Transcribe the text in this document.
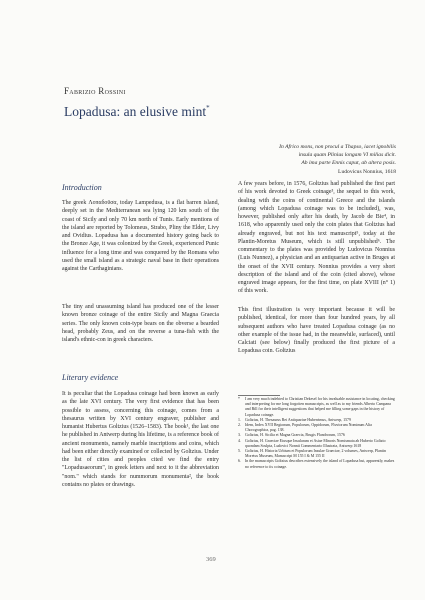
Fabrizio Rossini
Lopadusa: an elusive mint*
In Africo mons, non procul a Thapso, iacet ignobilis
insula quam Plinius longam VI milias dicit.
Ab ima parte Ennis caput, ab altera posis.
Ludovicus Nonnius, 1618
Introduction

The greek Λοπαδοῦσα, today Lampedusa, is a flat barren island, deeply set in the Mediterranean sea lying 120 km south of the coast of Sicily and only 70 km north of Tunis. Early mentions of the island are reported by Tolomeus, Strabo, Pliny the Elder, Livy and Ovidius. Lopadusa has a documented history going back to the Bronze Age, it was colonized by the Greek, experienced Punic influence for a long time and was conquered by the Romans who used the small island as a strategic naval base in their operations against the Carthaginians.

The tiny and unassuming island has produced one of the lesser known bronze coinage of the entire Sicily and Magna Graecia series. The only known coin-type bears on the obverse a bearded head, probably Zeus, and on the reverse a tuna-fish with the island's ethnic-con in greek characters.

Literary evidence

It is peculiar that the Lopadusa coinage had been known as early as the late XVI century. The very first evidence that has been possible to assess, concerning this coinage, comes from a thesaurus written by XVI century engraver, publisher and humanist Hubertus Goltzius (1526–1583). The book¹, the last one he published in Antwerp during his lifetime, is a reference book of ancient monuments, namely marble inscriptions and coins, which had been either directly examined or collected by Goltzius. Under the list of cities and peoples cited we find the entry "Lopadusaeorum", in greek letters and next to it the abbreviation "nom." which stands for nummorum monumenta², the book contains no plates or drawings.

A few years before, in 1576, Goltzius had published the first part of his work devoted to Greek coinage³, the sequel to this work, dealing with the coins of continental Greece and the islands (among which Lopadusa coinage was to be included), was, however, published only after his death, by Jacob de Bie⁴, in 1618, who apparently used only the coin plates that Goltzius had already engraved, but not his text manuscript⁵, today at the Plantin-Moretus Museum, which is still unpublished⁶. The commentary to the plates was provided by Ludovicus Nonnius (Luis Nunnez), a physician and an antiquarian active in Bruges at the onset of the XVII century. Nonnius provides a very short description of the island and of the coin (cited above), whose engraved image appears, for the first time, on plate XVIII (n° 1) of this work.

This first illustration is very important because it will be published, identical, for more than four hundred years, by all subsequent authors who have treated Lopadusa coinage (as no other example of the issue had, in the meanwhile, surfaced), until Calciati (see below) finally produced the first picture of a Lopadusa coin. Goltzius

*	I am very much indebted to Christian Dekesel for his invaluable assistance in locating, checking and interpreting for me long forgotten manuscripts, as well as to my friends Alberto Campana and Bill for their intelligent suggestions that helped me filling some gaps in the history of Lopadusa coinage.
1.	Goltzius, H. Thesaurus Rei Antiquariae Huberrimus, Antwerp, 1579
2.	Idem, Index XVII Regionum, Populorum, Oppidorum, Fluviorum Nominum Alia Chorographica, pag. 138.
3.	Goltzius, H. Sicilia et Magna Graecia, Brugis Flandrorum, 1576
4.	Goltzius, H. Graeciae Eiusque Insularum et Asiae Minoris Nomismata ab Huberto Goltzio quondam Sculpta, Ludovici Nonnii Commentario Illustrata, Antwerp 1618
5.	Goltzius, H. Historia Urbium et Populorum Insulae Graeciae, 2 volumes, Antwerp, Plantin Moretus Museum, Manuscript M 155 I & M 155 II
6.	In the manuscripts Goltzius describes extensively the island of Lopadusa but, apparently, makes no reference to its coinage.
369
